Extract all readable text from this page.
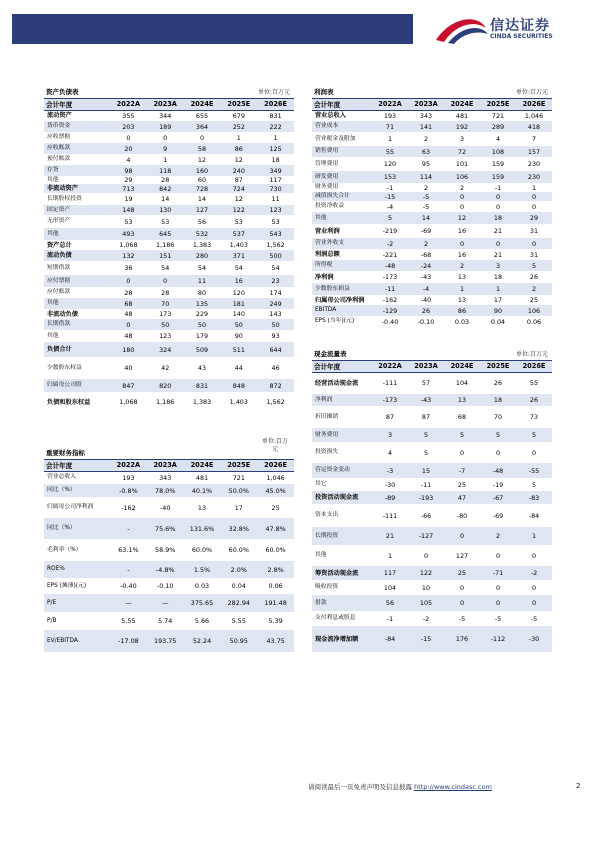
信达证券
CINDA SECURITIES
资产负债表	单位:百万元
会计年度	2022A	2023A	2024E	2025E	2026E
流动资产	355	344	655	679	831
货币资金	203	189	364	252	222
应收票据	0	0	0	1	1
应收账款	20	9	58	86	125
预付账款	4	1	12	12	18
存货	98	118	160	240	349
其他	29	28	60	87	117
非流动资产	713	842	728	724	730
长期股权投资	19	14	14	12	11
固定资产	148	130	127	122	123
无形资产	53	53	56	53	53
其他	493	645	532	537	543
资产总计	1,068	1,186	1,383	1,403	1,562
流动负债	132	151	280	371	500
短期借款	36	54	54	54	54
应付票据	0	0	11	16	23
应付账款	28	28	80	120	174
其他	68	70	135	181	249
非流动负债	48	173	229	140	143
长期借款	0	50	50	50	50
其他	48	123	179	90	93
负债合计	180	324	509	511	644
少数股东权益	40	42	43	44	46
归属母公司股	847	820	831	848	872
负债和股东权益	1,068	1,186	1,383	1,403	1,562
重要财务指标
单位:百万元
会计年度	2022A	2023A	2024E	2025E	2026E
营业总收入	193	343	481	721	1,046
同比（%）	-0.8%	78.0%	40.1%	50.0%	45.0%
归属母公司净利润	-162	-40	13	17	25
同比（%）	-	75.6%	131.6%	32.8%	47.8%
毛利率（%）	63.1%	58.9%	60.0%	60.0%	60.0%
ROE%	-	-4.8%	1.5%	2.0%	2.8%
EPS (摊薄)(元)	-0.40	-0.10	0.03	0.04	0.06
P/E	—	—	375.65	282.94	191.48
P/B	5.55	5.74	5.66	5.55	5.39
EV/EBITDA	-17.08	193.75	52.24	50.95	43.75
利润表	单位:百万元
会计年度	2022A	2023A	2024E	2025E	2026E
营业总收入	193	343	481	721	1,046
营业成本	71	141	192	289	418
营业税金及附加	1	2	3	4	7
销售费用	55	63	72	108	157
管理费用	120	95	101	159	230
研发费用	153	114	106	159	230
财务费用	-1	2	2	-1	1
减值损失合计	-15	-5	0	0	0
投资净收益	-4	-5	0	0	0
其他	5	14	12	18	29
营业利润	-219	-69	16	21	31
营业外收支	-2	2	0	0	0
利润总额	-221	-68	16	21	31
所得税	-48	-24	2	3	5
净利润	-173	-43	13	18	26
少数股东损益	-11	-4	1	1	2
归属母公司净利润	-162	-40	13	17	25
EBITDA	-129	26	86	90	106
EPS (当年)(元)	-0.40	-0.10	0.03	0.04	0.06
现金流量表	单位:百万元
会计年度	2022A	2023A	2024E	2025E	2026E
经营活动现金流	-111	57	104	26	55
净利润	-173	-43	13	18	26
折旧摊销	87	87	68	70	73
财务费用	3	5	5	5	5
投资损失	4	5	0	0	0
营运资金变动	-3	15	-7	-48	-55
其它	-30	-11	25	-19	5
投资活动现金流	-89	-193	47	-67	-83
资本支出	-111	-66	-80	-69	-84
长期投资	21	-127	0	2	1
其他	1	0	127	0	0
筹资活动现金流	117	122	25	-71	-2
吸收投资	104	10	0	0	0
借款	56	105	0	0	0
支付利息或股息	-1	-2	-5	-5	-5
现金流净增加额	-84	-15	176	-112	-30
请阅读最后一页免责声明及信息披露 http://www.cindasc.com	2
